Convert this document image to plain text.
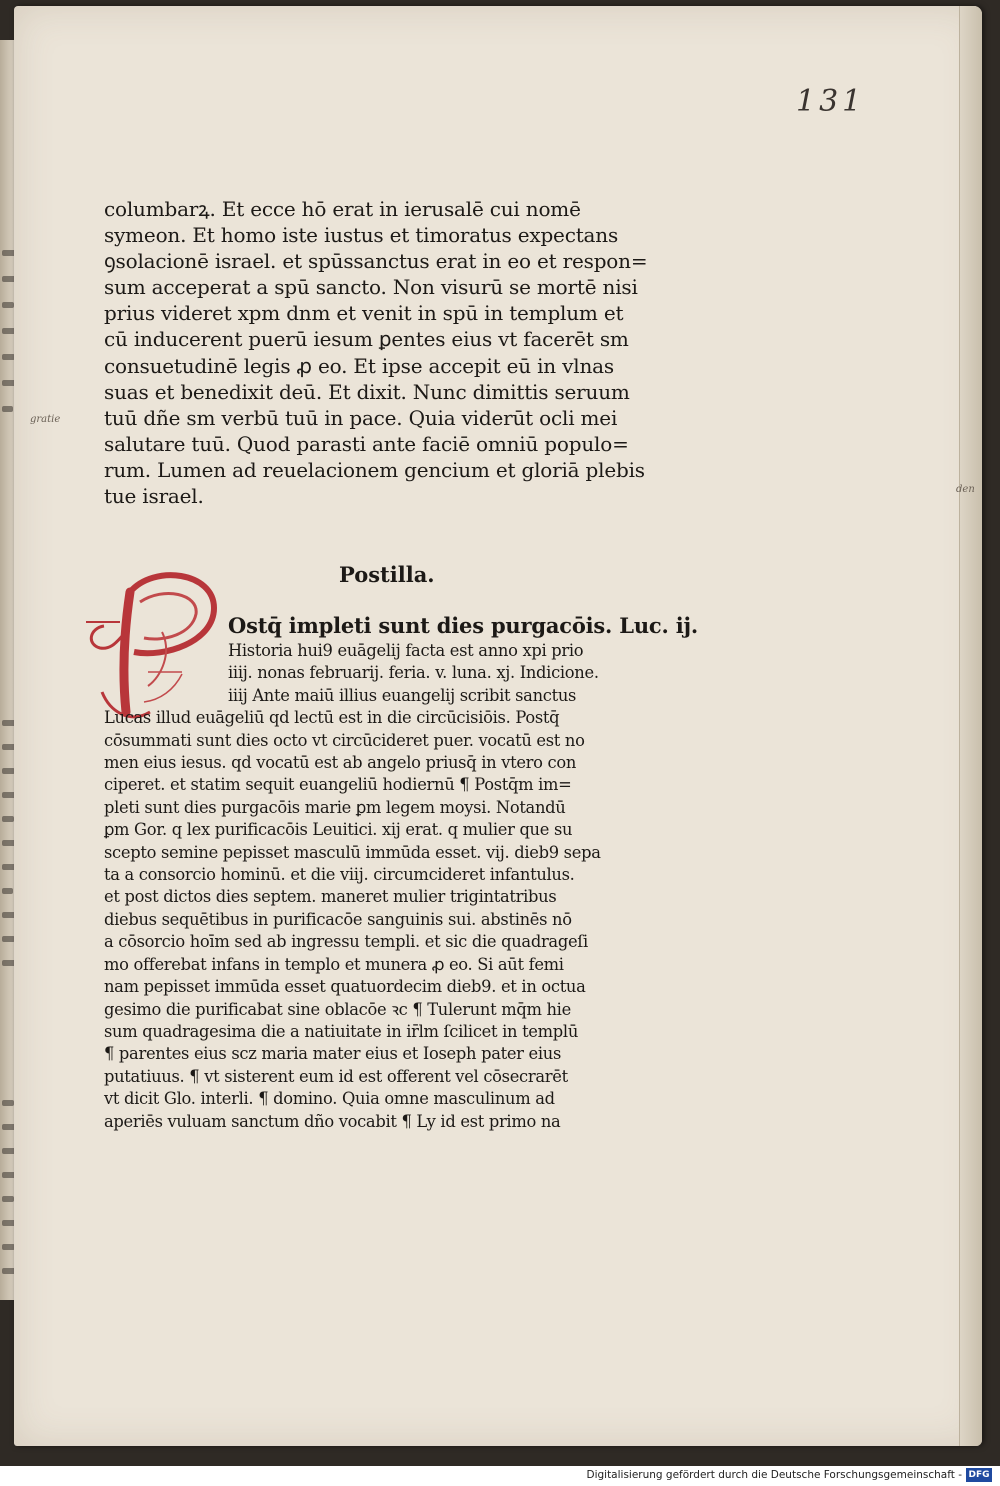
131
gratie
den
columbarꝝ. Et ecce hō erat in ierusalē cui nomē
symeon. Et homo iste iustus et timoratus expectans
ꝯsolacionē israel. et spūssanctus erat in eo et respon=
sum acceperat a spū sancto. Non visurū se mortē nisi
prius videret xpm dnm et venit in spū in templum et
cū inducerent puerū iesum ꝑentes eius vt facerēt sm
consuetudinē legis ꝓ eo. Et ipse accepit eū in vlnas
suas et benedixit deū. Et dixit. Nunc dimittis seruum
tuū dñe sm verbū tuū in pace. Quia viderūt ocli mei
salutare tuū. Quod parasti ante faciē omniū populo=
rum. Lumen ad reuelacionem gencium et gloriā plebis
tue israel.
Postilla.
Ostq̄ impleti sunt dies purgacōis. Luc. ij.
Historia hui9 euāgelij facta est anno xpi prio
iiij. nonas februarij. feria. v. luna. xj. Indicione.
iiij Ante maiū illius euangelij scribit sanctus
Lucas illud euāgeliū qd lectū est in die circūcisiōis. Postq̄
cōsummati sunt dies octo vt circūcideret puer. vocatū est no
men eius iesus. qd vocatū est ab angelo priusq̄ in vtero con
ciperet. et statim sequit euangeliū hodiernū ¶ Postq̄m im=
pleti sunt dies purgacōis marie ꝑm legem moysi. Notandū
ꝑm Gor. q lex purificacōis Leuitici. xij erat. q mulier que su
scepto semine pepisset masculū immūda esset. vij. dieb9 sepa
ta a consorcio hominū. et die viij. circumcideret infantulus.
et post dictos dies septem. maneret mulier trigintatribus
diebus sequētibus in purificacōe sanguinis sui. abstinēs nō
a cōsorcio hoīm sed ab ingressu templi. et sic die quadrageſi
mo offerebat infans in templo et munera ꝓ eo. Si aūt femi
nam pepisset immūda esset quatuordecim dieb9. et in octua
gesimo die purificabat sine oblacōe ꝛc ¶ Tulerunt mq̄m hie
sum quadragesima die a natiuitate in ir̄lm ſcilicet in templū
¶ parentes eius scz maria mater eius et Ioseph pater eius
putatiuus. ¶ vt sisterent eum id est offerent vel cōsecrarēt
vt dicit Glo. interli. ¶ domino. Quia omne masculinum ad
aperiēs vuluam sanctum dño vocabit ¶ Ly id est primo na
Digitalisierung gefördert durch die Deutsche Forschungsgemeinschaft - DFG
